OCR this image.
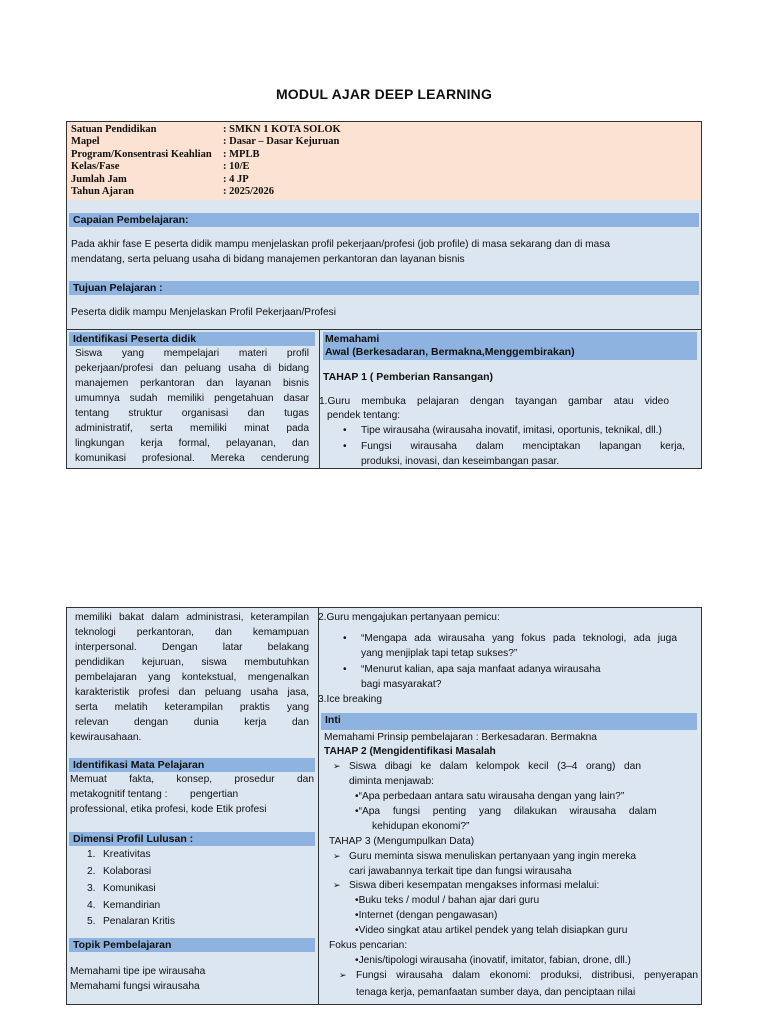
MODUL AJAR DEEP LEARNING
Satuan Pendidikan	: SMKN 1 KOTA SOLOK
Mapel	: Dasar – Dasar Kejuruan
Program/Konsentrasi Keahlian : MPLB
Kelas/Fase	: 10/E
Jumlah Jam	: 4 JP
Tahun Ajaran	: 2025/2026
Capaian Pembelajaran:
Pada akhir fase E peserta didik mampu menjelaskan profil pekerjaan/profesi (job profile) di masa sekarang dan di masa
mendatang, serta peluang usaha di bidang manajemen perkantoran dan layanan bisnis
Tujuan Pelajaran :
Peserta didik mampu Menjelaskan Profil Pekerjaan/Profesi
Identifikasi Peserta didik
Siswa yang mempelajari materi profil
pekerjaan/profesi dan peluang usaha di bidang
manajemen perkantoran dan layanan bisnis
umumnya sudah memiliki pengetahuan dasar
tentang struktur organisasi dan tugas
administratif, serta memiliki minat pada
lingkungan kerja formal, pelayanan, dan
komunikasi profesional. Mereka cenderung
Memahami
Awal (Berkesadaran, Bermakna,Menggembirakan)
TAHAP 1 ( Pemberian Ransangan)
1.Guru membuka pelajaran dengan tayangan gambar atau video
pendek tentang:
• Tipe wirausaha (wirausaha inovatif, imitasi, oportunis, teknikal, dll.)
• Fungsi wirausaha dalam menciptakan lapangan kerja,
produksi, inovasi, dan keseimbangan pasar.
memiliki bakat dalam administrasi, keterampilan
teknologi perkantoran, dan kemampuan
interpersonal. Dengan latar belakang
pendidikan kejuruan, siswa membutuhkan
pembelajaran yang kontekstual, mengenalkan
karakteristik profesi dan peluang usaha jasa,
serta melatih keterampilan praktis yang
relevan dengan dunia kerja dan
kewirausahaan.
Identifikasi Mata Pelajaran
Memuat fakta, konsep, prosedur dan
metakognitif tentang :        pengertian
professional, etika profesi, kode Etik profesi
Dimensi Profil Lulusan :
1. Kreativitas
2. Kolaborasi
3. Komunikasi
4. Kemandirian
5. Penalaran Kritis
Topik Pembelajaran
Memahami tipe ipe wirausaha
Memahami fungsi wirausaha
2.Guru mengajukan pertanyaan pemicu:
• “Mengapa ada wirausaha yang fokus pada teknologi, ada juga
yang menjiplak tapi tetap sukses?”
• “Menurut kalian, apa saja manfaat adanya wirausaha
bagi masyarakat?
3.Ice breaking
Inti
Memahami Prinsip pembelajaran : Berkesadaran. Bermakna
TAHAP 2 (Mengidentifikasi Masalah
➢ Siswa dibagi ke dalam kelompok kecil (3–4 orang) dan
diminta menjawab:
•“Apa perbedaan antara satu wirausaha dengan yang lain?”
•“Apa fungsi penting yang dilakukan wirausaha dalam
kehidupan ekonomi?”
TAHAP 3 (Mengumpulkan Data)
➢ Guru meminta siswa menuliskan pertanyaan yang ingin mereka
cari jawabannya terkait tipe dan fungsi wirausaha
➢ Siswa diberi kesempatan mengakses informasi melalui:
•Buku teks / modul / bahan ajar dari guru
•Internet (dengan pengawasan)
•Video singkat atau artikel pendek yang telah disiapkan guru
Fokus pencarian:
•Jenis/tipologi wirausaha (inovatif, imitator, fabian, drone, dll.)
➢ Fungsi wirausaha dalam ekonomi: produksi, distribusi, penyerapan
tenaga kerja, pemanfaatan sumber daya, dan penciptaan nilai
